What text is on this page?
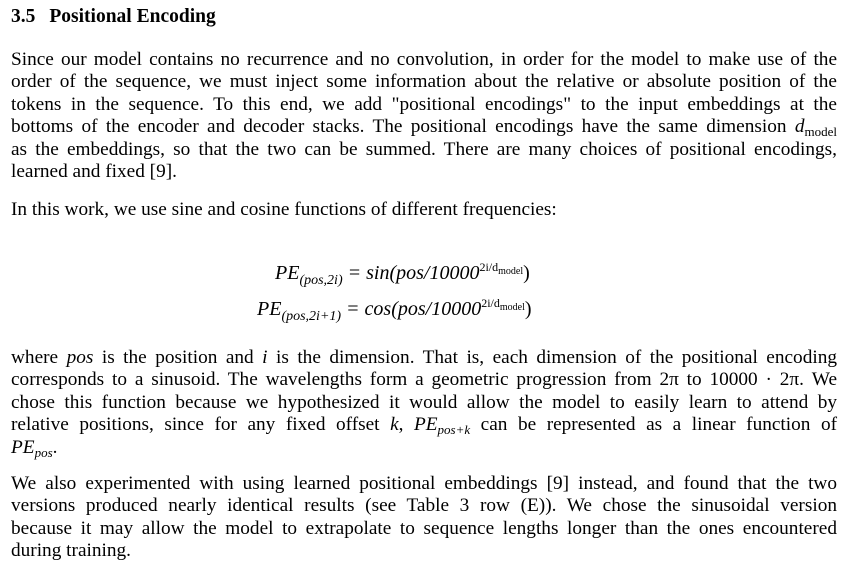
3.5 Positional Encoding
Since our model contains no recurrence and no convolution, in order for the model to make use of the
order of the sequence, we must inject some information about the relative or absolute position of the
tokens in the sequence. To this end, we add "positional encodings" to the input embeddings at the
bottoms of the encoder and decoder stacks. The positional encodings have the same dimension $d_{model}$
as the embeddings, so that the two can be summed. There are many choices of positional encodings,
learned and fixed [9].
In this work, we use sine and cosine functions of different frequencies:
$PE_{(pos,2i)} = \sin(pos/10000^{2i/d_{model}})$
$PE_{(pos,2i+1)} = \cos(pos/10000^{2i/d_{model}})$
where pos is the position and i is the dimension. That is, each dimension of the positional encoding
corresponds to a sinusoid. The wavelengths form a geometric progression from 2π to 10000 · 2π. We
chose this function because we hypothesized it would allow the model to easily learn to attend by
relative positions, since for any fixed offset k, $PE_{pos+k}$ can be represented as a linear function of
$PE_{pos}$.
We also experimented with using learned positional embeddings [9] instead, and found that the two
versions produced nearly identical results (see Table 3 row (E)). We chose the sinusoidal version
because it may allow the model to extrapolate to sequence lengths longer than the ones encountered
during training.
